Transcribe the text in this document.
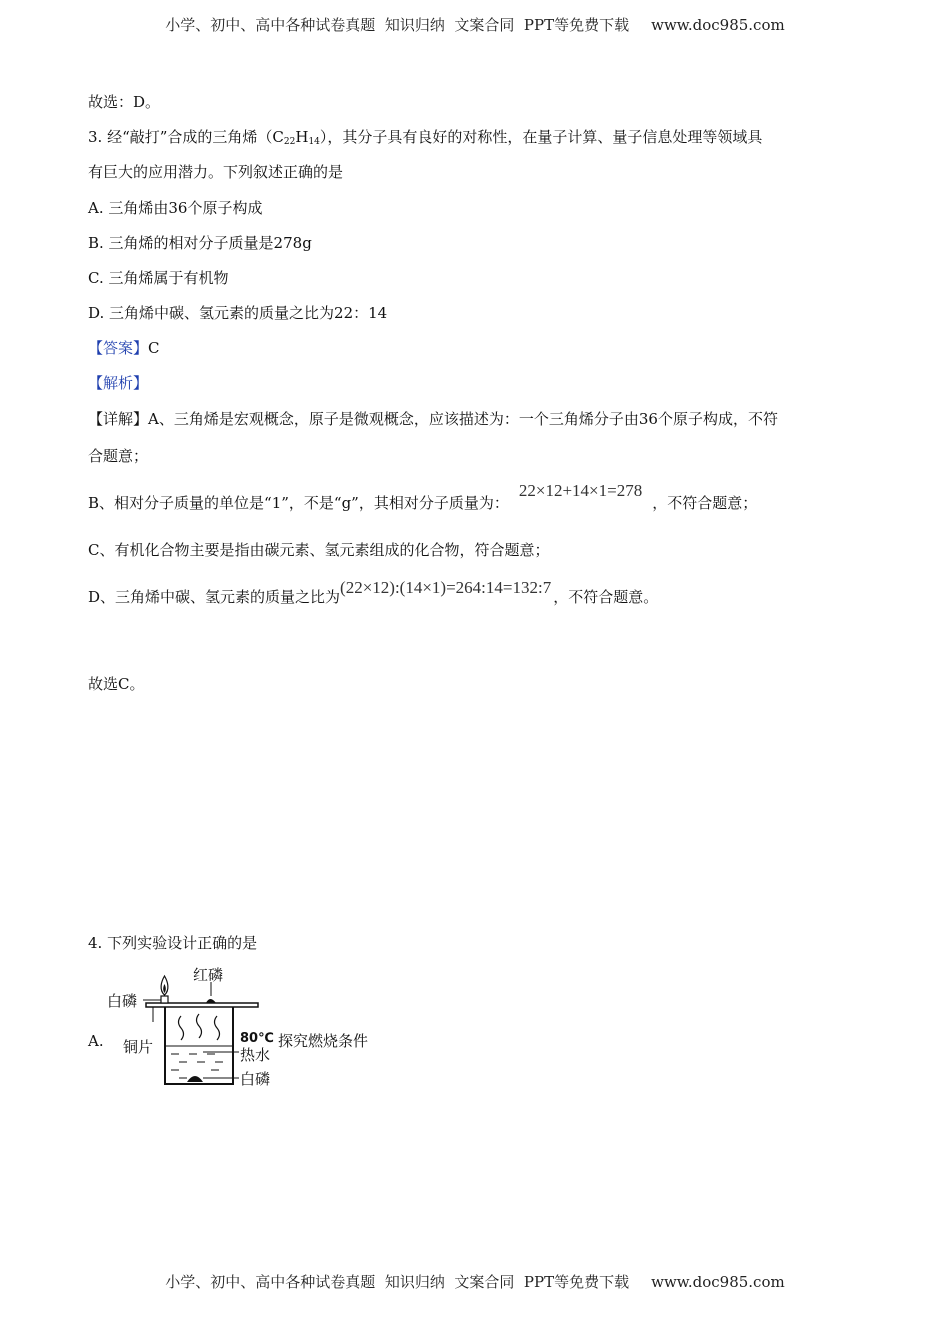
小学、初中、高中各种试卷真题  知识归纳  文案合同  PPT等免费下载 www.doc985.com
故选：D。
3. 经“敲打”合成的三角烯$(C_{22}H_{14})$，其分子具有良好的对称性，在量子计算、量子信息处理等领域具
有巨大的应用潜力。下列叙述正确的是
A. 三角烯由36个原子构成
B. 三角烯的相对分子质量是278g
C. 三角烯属于有机物
D. 三角烯中碳、氢元素的质量之比为22：14
【答案】C
【解析】
【详解】A、三角烯是宏观概念，原子是微观概念，应该描述为：一个三角烯分子由36个原子构成，不符
合题意；
B、相对分子质量的单位是“1”，不是“g”，其相对分子质量为：22×12+14×1=278，不符合题意；
C、有机化合物主要是指由碳元素、氢元素组成的化合物，符合题意；
D、三角烯中碳、氢元素的质量之比为(22×12):(14×1)=264:14=132:7 ，不符合题意。
故选C。
4. 下列实验设计正确的是
A.
红磷
白磷
铜片	80℃
热水
白磷
探究燃烧条件
小学、初中、高中各种试卷真题  知识归纳  文案合同  PPT等免费下载 www.doc985.com
